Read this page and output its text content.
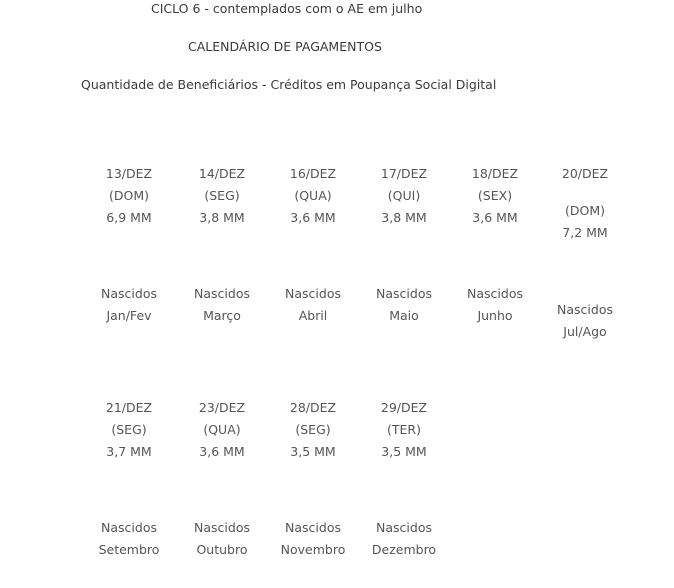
CICLO 6 - contemplados com o AE em julho
CALENDÁRIO DE PAGAMENTOS
Quantidade de Beneficiários - Créditos em Poupança Social Digital
13/DEZ
(DOM)
6,9 MM
14/DEZ
(SEG)
3,8 MM
16/DEZ
(QUA)
3,6 MM
17/DEZ
(QUI)
3,8 MM
18/DEZ
(SEX)
3,6 MM
20/DEZ
(DOM)
7,2 MM
Nascidos
Jan/Fev
Nascidos
Março
Nascidos
Abril
Nascidos
Maio
Nascidos
Junho	Nascidos
Jul/Ago
21/DEZ
(SEG)
3,7 MM
23/DEZ
(QUA)
3,6 MM
28/DEZ
(SEG)
3,5 MM
29/DEZ
(TER)
3,5 MM
Nascidos
Setembro
Nascidos
Outubro
Nascidos
Novembro
Nascidos
Dezembro
